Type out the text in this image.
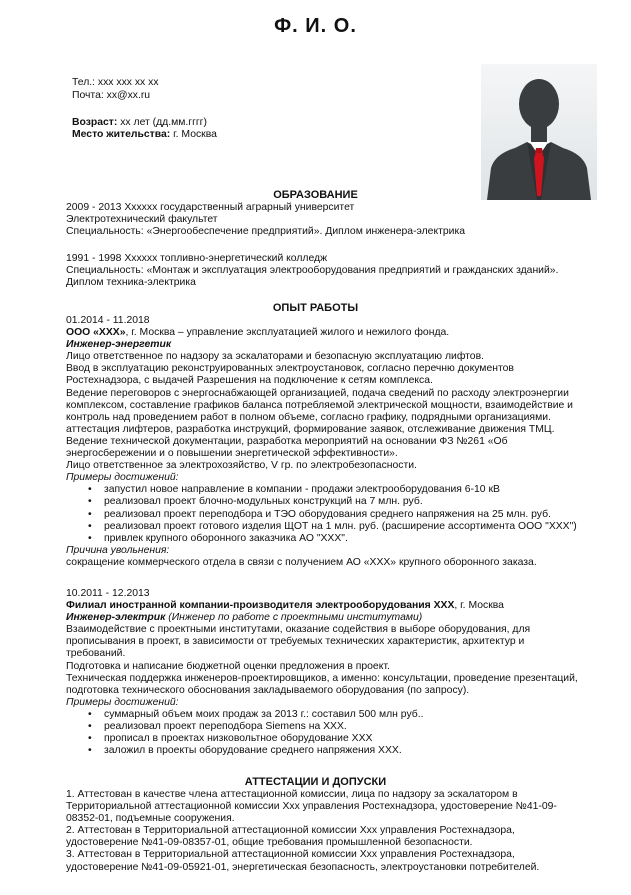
Ф. И. О.
Тел.: xxx xxx xx xx
Почта: xx@xx.ru
Возраст: xx лет (дд.мм.гггг)
Место жительства: г. Москва
ОБРАЗОВАНИЕ
2009 - 2013 Xxxxxx государственный аграрный университет
Электротехнический факультет
Специальность: «Энергообеспечение предприятий». Диплом инженера-электрика
1991 - 1998 Xxxxxx топливно-энергетический колледж
Специальность: «Монтаж и эксплуатация электрооборудования предприятий и гражданских зданий».
Диплом техника-электрика
ОПЫТ РАБОТЫ
01.2014 - 11.2018
ООО «XXX», г. Москва – управление эксплуатацией жилого и нежилого фонда.
Инженер-энергетик
Лицо ответственное по надзору за эскалаторами и безопасную эксплуатацию лифтов.
Ввод в эксплуатацию реконструированных электроустановок, согласно перечню документов
Ростехнадзора, с выдачей Разрешения на подключение к сетям комплекса.
Ведение переговоров с энергоснабжающей организацией, подача сведений по расходу электроэнергии
комплексом, составление графиков баланса потребляемой электрической мощности, взаимодействие и
контроль над проведением работ в полном объеме, согласно графику, подрядными организациями.
аттестация лифтеров, разработка инструкций, формирование заявок, отслеживание движения ТМЦ.
Ведение технической документации, разработка мероприятий на основании ФЗ №261 «Об
энергосбережении и о повышении энергетической эффективности».
Лицо ответственное за электрохозяйство, V гр. по электробезопасности.
Примеры достижений:
• запустил новое направление в компании - продажи электрооборудования 6-10 кВ
• реализовал проект блочно-модульных конструкций на 7 млн. руб.
• реализовал проект переподбора и ТЭО оборудования среднего напряжения на 25 млн. руб.
• реализовал проект готового изделия ЩОТ на 1 млн. руб. (расширение ассортимента ООО "XXX")
• привлек крупного оборонного заказчика АО "XXX".
Причина увольнения:
сокращение коммерческого отдела в связи с получением АО «XXX» крупного оборонного заказа.
10.2011 - 12.2013
Филиал иностранной компании-производителя электрооборудования XXX, г. Москва
Инженер-электрик (Инженер по работе с проектными институтами)
Взаимодействие с проектными институтами, оказание содействия в выборе оборудования, для
прописывания в проект, в зависимости от требуемых технических характеристик, архитектур и
требований.
Подготовка и написание бюджетной оценки предложения в проект.
Техническая поддержка инженеров-проектировщиков, а именно: консультации, проведение презентаций,
подготовка технического обоснования закладываемого оборудования (по запросу).
Примеры достижений:
• суммарный объем моих продаж за 2013 г.: составил 500 млн руб..
• реализовал проект переподбора Siemens на XXX.
• прописал в проектах низковольтное оборудование XXX
• заложил в проекты оборудование среднего напряжения XXX.
АТТЕСТАЦИИ И ДОПУСКИ
1. Аттестован в качестве члена аттестационной комиссии, лица по надзору за эскалатором в
Территориальной аттестационной комиссии Xxx управления Ростехнадзора, удостоверение №41-09-
08352-01, подъемные сооружения.
2. Аттестован в Территориальной аттестационной комиссии Xxx управления Ростехнадзора,
удостоверение №41-09-08357-01, общие требования промышленной безопасности.
3. Аттестован в Территориальной аттестационной комиссии Xxx управления Ростехнадзора,
удостоверение №41-09-05921-01, энергетическая безопасность, электроустановки потребителей.
